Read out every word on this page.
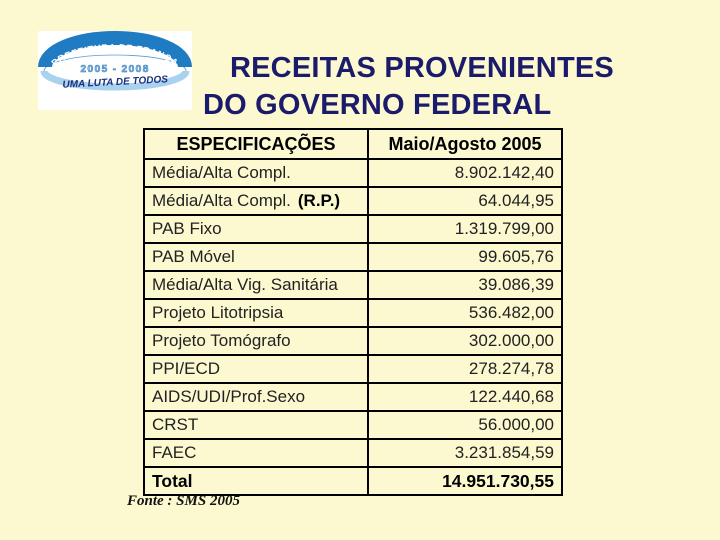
PREFEITURA DE FRANCA
2005 - 2008
UMA LUTA DE TODOS	RECEITAS PROVENIENTES DO GOVERNO FEDERAL
ESPECIFICAÇÕES	Maio/Agosto 2005
Média/Alta Compl.	8.902.142,40
Média/Alta Compl. (R.P.)	64.044,95
PAB Fixo	1.319.799,00
PAB Móvel	99.605,76
Média/Alta Vig. Sanitária	39.086,39
Projeto Litotripsia	536.482,00
Projeto Tomógrafo	302.000,00
PPI/ECD	278.274,78
AIDS/UDI/Prof.Sexo	122.440,68
CRST	56.000,00
FAEC	3.231.854,59
Total	14.951.730,55
Fonte : SMS 2005
